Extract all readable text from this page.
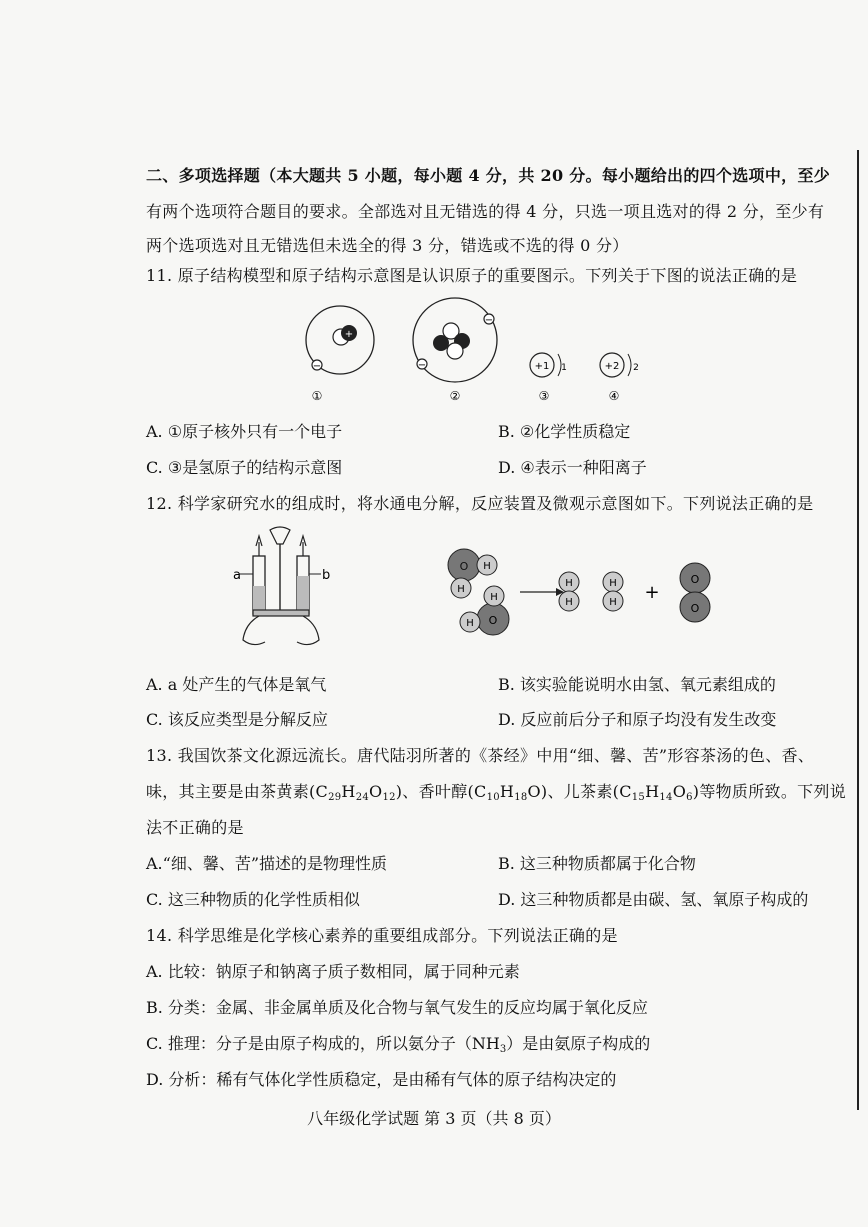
二、多项选择题（本大题共 5 小题，每小题 4 分，共 20 分。每小题给出的四个选项中，至少
有两个选项符合题目的要求。全部选对且无错选的得 4 分，只选一项且选对的得 2 分，至少有
两个选项选对且无错选但未选全的得 3 分，错选或不选的得 0 分）
11. 原子结构模型和原子结构示意图是认识原子的重要图示。下列关于下图的说法正确的是
+
−
−
−	+1 1	+2 2
①	②	③	④
A. ①原子核外只有一个电子	B. ②化学性质稳定
C. ③是氢原子的结构示意图	D. ④表示一种阳离子
12. 科学家研究水的组成时，将水通电分解，反应装置及微观示意图如下。下列说法正确的是
a	b
O H
H
O
H
H
H
H
H
H +
O
O
A. a 处产生的气体是氧气	B. 该实验能说明水由氢、氧元素组成的
C. 该反应类型是分解反应	D. 反应前后分子和原子均没有发生改变
13. 我国饮茶文化源远流长。唐代陆羽所著的《茶经》中用“细、馨、苦”形容茶汤的色、香、
味，其主要是由茶黄素$(C_{29}H_{24}O_{12})$、香叶醇$(C_{10}H_{18}O)$、儿茶素$(C_{15}H_{14}O_6)$等物质所致。下列说
法不正确的是
A.“细、馨、苦”描述的是物理性质	B. 这三种物质都属于化合物
C. 这三种物质的化学性质相似	D. 这三种物质都是由碳、氢、氧原子构成的
14. 科学思维是化学核心素养的重要组成部分。下列说法正确的是
A. 比较：钠原子和钠离子质子数相同，属于同种元素
B. 分类：金属、非金属单质及化合物与氧气发生的反应均属于氧化反应
C. 推理：分子是由原子构成的，所以氨分子$(NH_3)$是由氨原子构成的
D. 分析：稀有气体化学性质稳定，是由稀有气体的原子结构决定的
八年级化学试题 第 3 页（共 8 页）
